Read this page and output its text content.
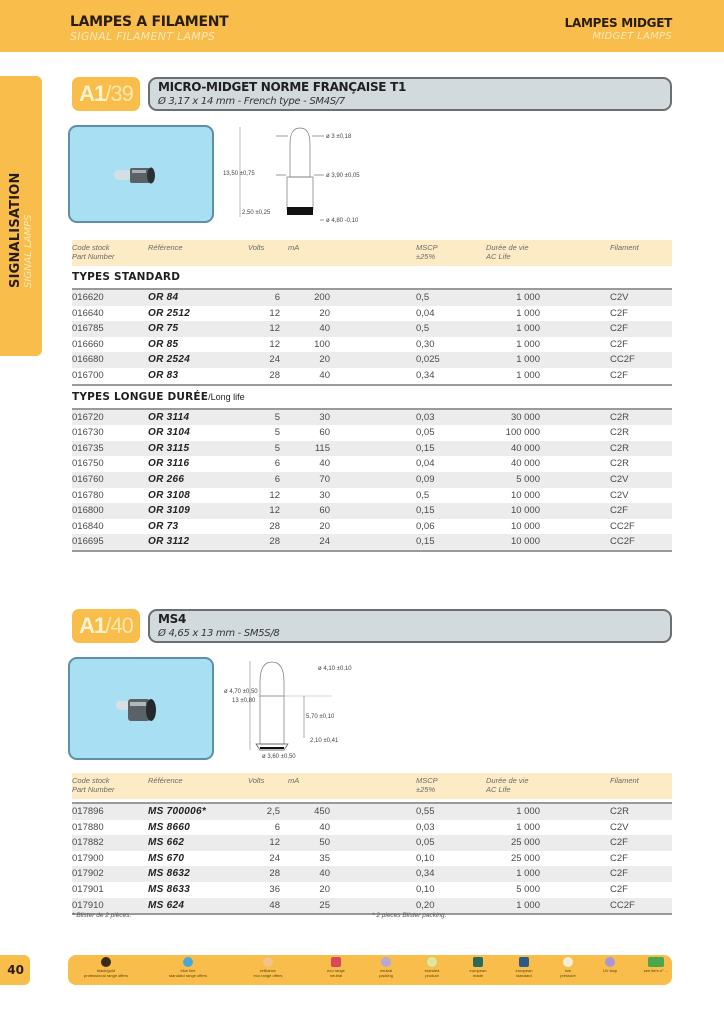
LAMPES A FILAMENT
SIGNAL FILAMENT LAMPS
LAMPES MIDGET
MIDGET LAMPS
SIGNALISATION SIGNAL LAMPS
A1/39	MICRO-MIDGET NORME FRANÇAISE T1
Ø 3,17 x 14 mm - French type - SM4S/7
ø 3 ±0,18
13,50 ±0,75	ø 3,90 ±0,05
2,50 ±0,25
ø 4,80 -0,10
Code stock
Part Number	Référence	Volts	mA		MSCP
±25%	Durée de vie
AC Life		Filament
TYPES STANDARD								
016620	OR 84	6	200		0,5	1 000		C2V
016640	OR 2512	12	20		0,04	1 000		C2F
016785	OR 75	12	40		0,5	1 000		C2F
016660	OR 85	12	100		0,30	1 000		C2F
016680	OR 2524	24	20		0,025	1 000		CC2F
016700	OR 83	28	40		0,34	1 000		C2F
TYPES LONGUE DURÉE/Long life								
016720	OR 3114	5	30		0,03	30 000		C2R
016730	OR 3104	5	60		0,05	100 000		C2R
016735	OR 3115	5	115		0,15	40 000		C2R
016750	OR 3116	6	40		0,04	40 000		C2R
016760	OR 266	6	70		0,09	5 000		C2V
016780	OR 3108	12	30		0,5	10 000		C2V
016800	OR 3109	12	60		0,15	10 000		C2F
016840	OR 73	28	20		0,06	10 000		CC2F
016695	OR 3112	28	24		0,15	10 000		CC2F
A1/40	MS4
Ø 4,65 x 13 mm - SM5S/8
ø 4,10 ±0,10
ø 4,70 ±0,50
13 ±0,80
5,70 ±0,10
2,10 ±0,41
ø 3,60 ±0,50
Code stock
Part Number	Référence	Volts	mA		MSCP
±25%	Durée de vie
AC Life		Filament

017896	MS 700006*	2,5	450		0,55	1 000		C2R
017880	MS 8660	6	40		0,03	1 000		C2V
017882	MS 662	12	50		0,05	25 000		C2F
017900	MS 670	24	35		0,10	25 000		C2F
017902	MS 8632	28	40		0,34	1 000		C2F
017901	MS 8633	36	20		0,10	5 000		C2F
017910	MS 624	48	25		0,20	1 000		CC2F
* Blister de 2 pièces.	* 2 pieces Blister packing.
40	black/gold
professional range offers
blue line
standard range offers
brilliance
eco range offers
eco range
neutral
neutral
packing
branded
product
european
made
european
standard
low
pressure
UV stop	see item n° ...
